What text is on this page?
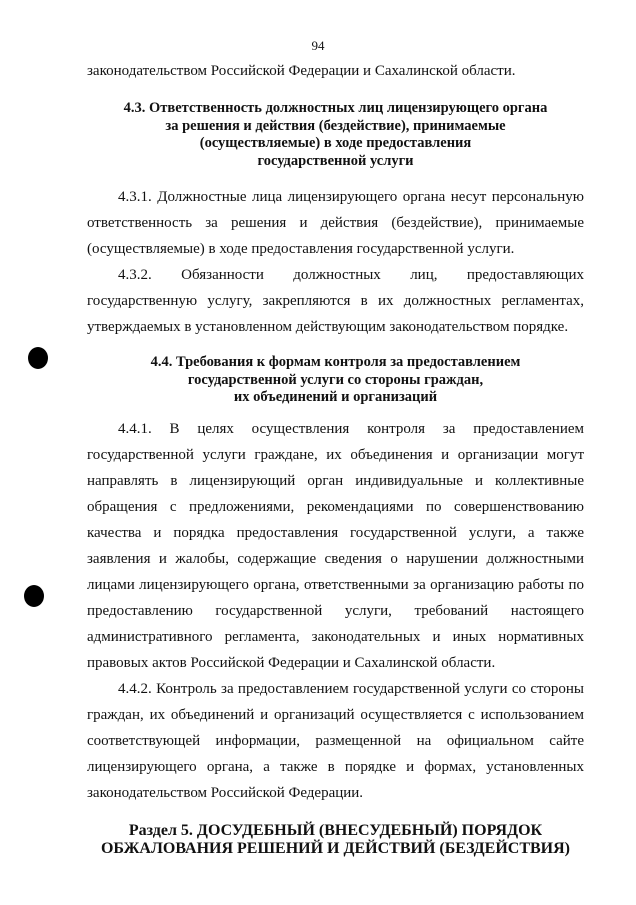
94

законодательством Российской Федерации и Сахалинской области.

4.3. Ответственность должностных лиц лицензирующего органа
за решения и действия (бездействие), принимаемые
(осуществляемые) в ходе предоставления
государственной услуги

4.3.1. Должностные лица лицензирующего органа несут персональную ответственность за решения и действия (бездействие), принимаемые (осуществляемые) в ходе предоставления государственной услуги.

4.3.2. Обязанности должностных лиц, предоставляющих государственную услугу, закрепляются в их должностных регламентах, утверждаемых в установленном действующим законодательством порядке.

4.4. Требования к формам контроля за предоставлением
государственной услуги со стороны граждан,
их объединений и организаций

4.4.1. В целях осуществления контроля за предоставлением государственной услуги граждане, их объединения и организации могут направлять в лицензирующий орган индивидуальные и коллективные обращения с предложениями, рекомендациями по совершенствованию качества и порядка предоставления государственной услуги, а также заявления и жалобы, содержащие сведения о нарушении должностными лицами лицензирующего органа, ответственными за организацию работы по предоставлению государственной услуги, требований настоящего административного регламента, законодательных и иных нормативных правовых актов Российской Федерации и Сахалинской области.

4.4.2. Контроль за предоставлением государственной услуги со стороны граждан, их объединений и организаций осуществляется с использованием соответствующей информации, размещенной на официальном сайте лицензирующего органа, а также в порядке и формах, установленных законодательством Российской Федерации.

Раздел 5. ДОСУДЕБНЫЙ (ВНЕСУДЕБНЫЙ) ПОРЯДОК
ОБЖАЛОВАНИЯ РЕШЕНИЙ И ДЕЙСТВИЙ (БЕЗДЕЙСТВИЯ)
